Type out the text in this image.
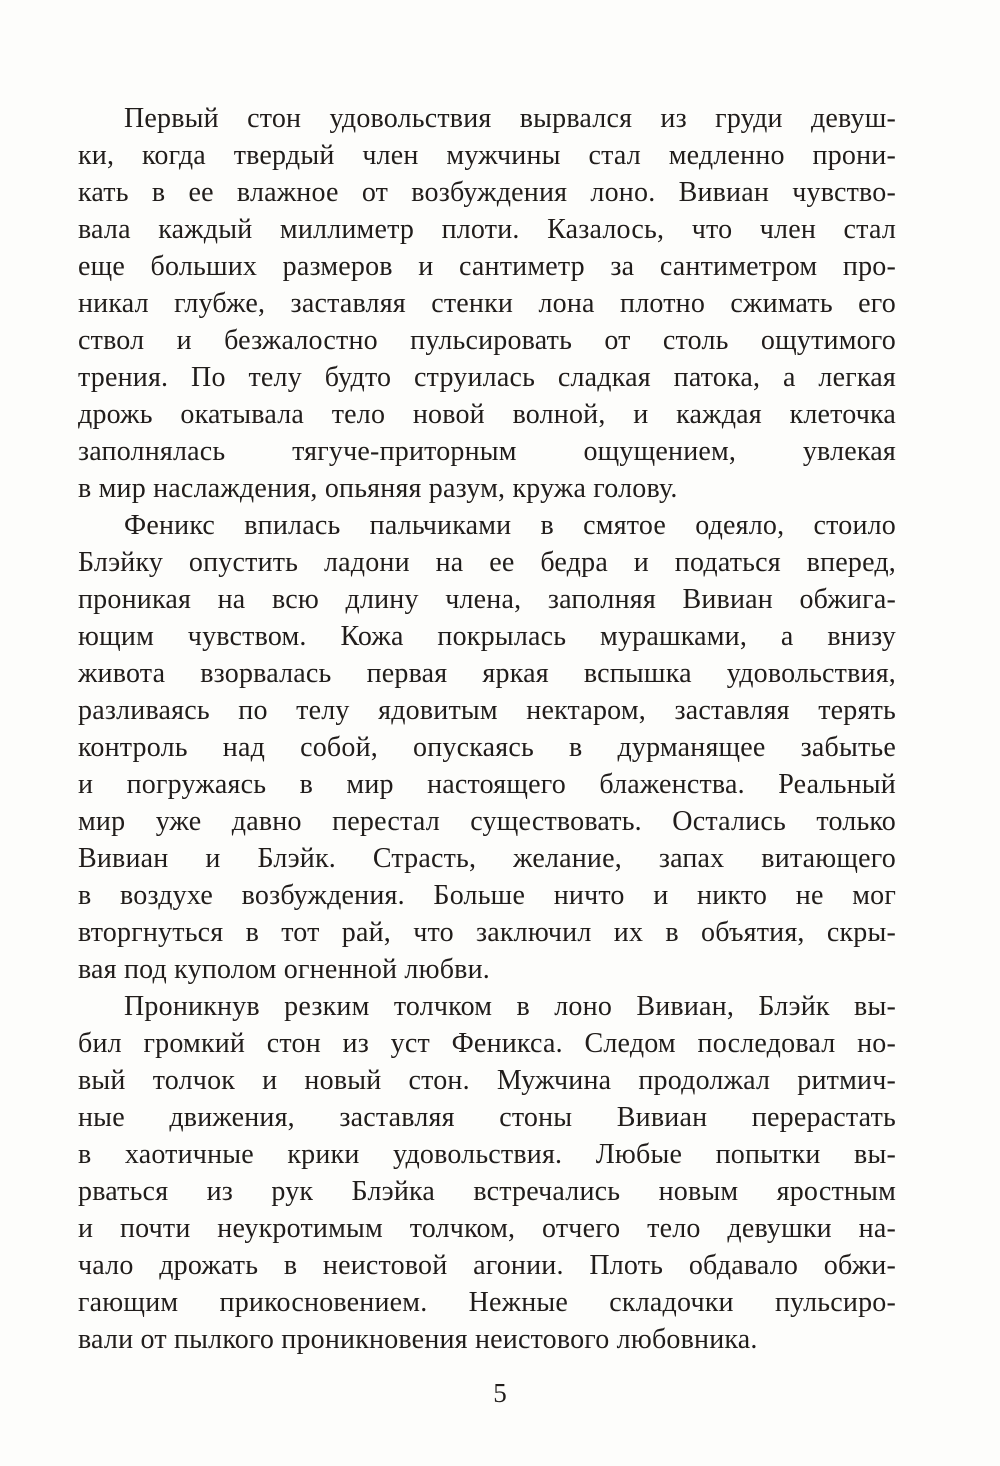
Первый стон удовольствия вырвался из груди девуш-
ки, когда твердый член мужчины стал медленно прони-
кать в ее влажное от возбуждения лоно. Вивиан чувство-
вала каждый миллиметр плоти. Казалось, что член стал
еще больших размеров и сантиметр за сантиметром про-
никал глубже, заставляя стенки лона плотно сжимать его
ствол и безжалостно пульсировать от столь ощутимого
трения. По телу будто струилась сладкая патока, а легкая
дрожь окатывала тело новой волной, и каждая клеточка
заполнялась тягуче-приторным ощущением, увлекая
в мир наслаждения, опьяняя разум, кружа голову.
Феникс впилась пальчиками в смятое одеяло, стоило
Блэйку опустить ладони на ее бедра и податься вперед,
проникая на всю длину члена, заполняя Вивиан обжига-
ющим чувством. Кожа покрылась мурашками, а внизу
живота взорвалась первая яркая вспышка удовольствия,
разливаясь по телу ядовитым нектаром, заставляя терять
контроль над собой, опускаясь в дурманящее забытье
и погружаясь в мир настоящего блаженства. Реальный
мир уже давно перестал существовать. Остались только
Вивиан и Блэйк. Страсть, желание, запах витающего
в воздухе возбуждения. Больше ничто и никто не мог
вторгнуться в тот рай, что заключил их в объятия, скры-
вая под куполом огненной любви.
Проникнув резким толчком в лоно Вивиан, Блэйк вы-
бил громкий стон из уст Феникса. Следом последовал но-
вый толчок и новый стон. Мужчина продолжал ритмич-
ные движения, заставляя стоны Вивиан перерастать
в хаотичные крики удовольствия. Любые попытки вы-
рваться из рук Блэйка встречались новым яростным
и почти неукротимым толчком, отчего тело девушки на-
чало дрожать в неистовой агонии. Плоть обдавало обжи-
гающим прикосновением. Нежные складочки пульсиро-
вали от пылкого проникновения неистового любовника.
5
